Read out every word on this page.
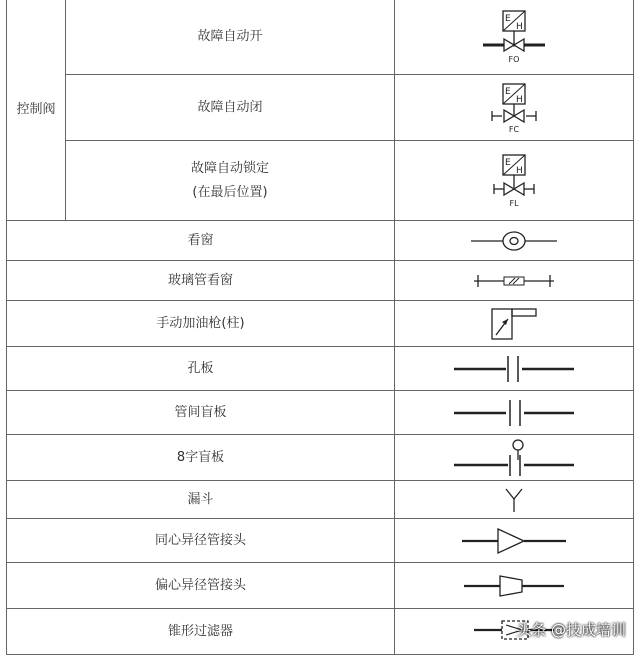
控制阀	故障自动开	E
H
FO

	故障自动闭	E
H
FC

	故障自动锁定
(在最后位置)	E
H
FL

看窗

玻璃管看窗

手动加油枪(柱)

孔板

管间盲板

8字盲板

漏斗

同心异径管接头

偏心异径管接头

锥形过滤器
		头条 @技成培训
